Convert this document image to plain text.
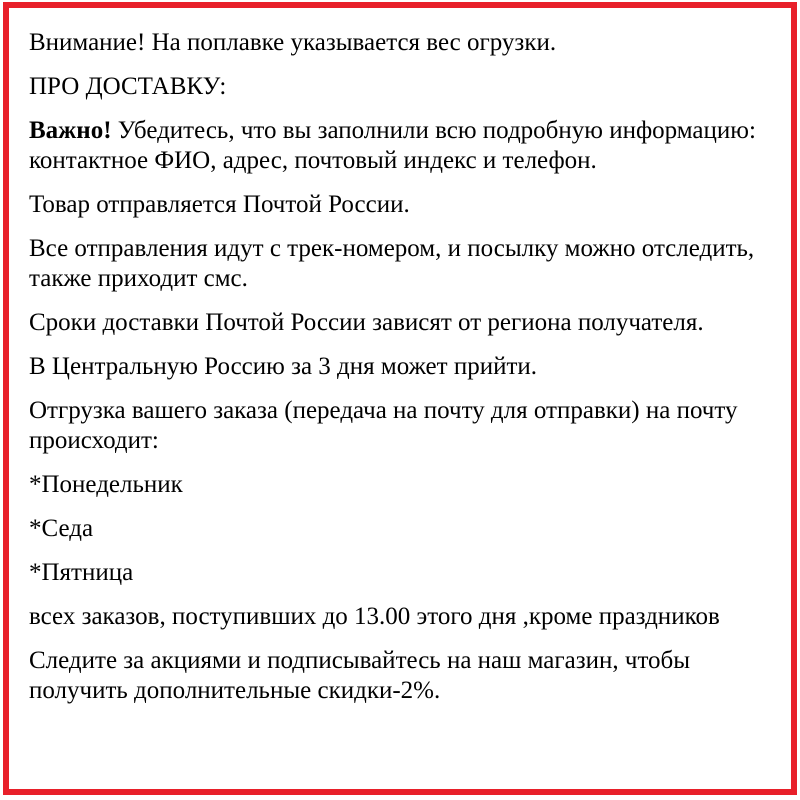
Внимание! На поплавке указывается вес огрузки.

ПРО ДОСТАВКУ:

Важно! Убедитесь, что вы заполнили всю подробную информацию: контактное ФИО, адрес, почтовый индекс и телефон.

Товар отправляется Почтой России.

Все отправления идут с трек-номером, и посылку можно отследить, также приходит смс.

Сроки доставки Почтой России зависят от региона получателя.

В Центральную Россию за 3 дня может прийти.

Отгрузка вашего заказа (передача на почту для отправки) на почту происходит:

*Понедельник

*Седа

*Пятница

всех заказов, поступивших до 13.00 этого дня ,кроме праздников

Следите за акциями и подписывайтесь на наш магазин, чтобы получить дополнительные скидки-2%.
